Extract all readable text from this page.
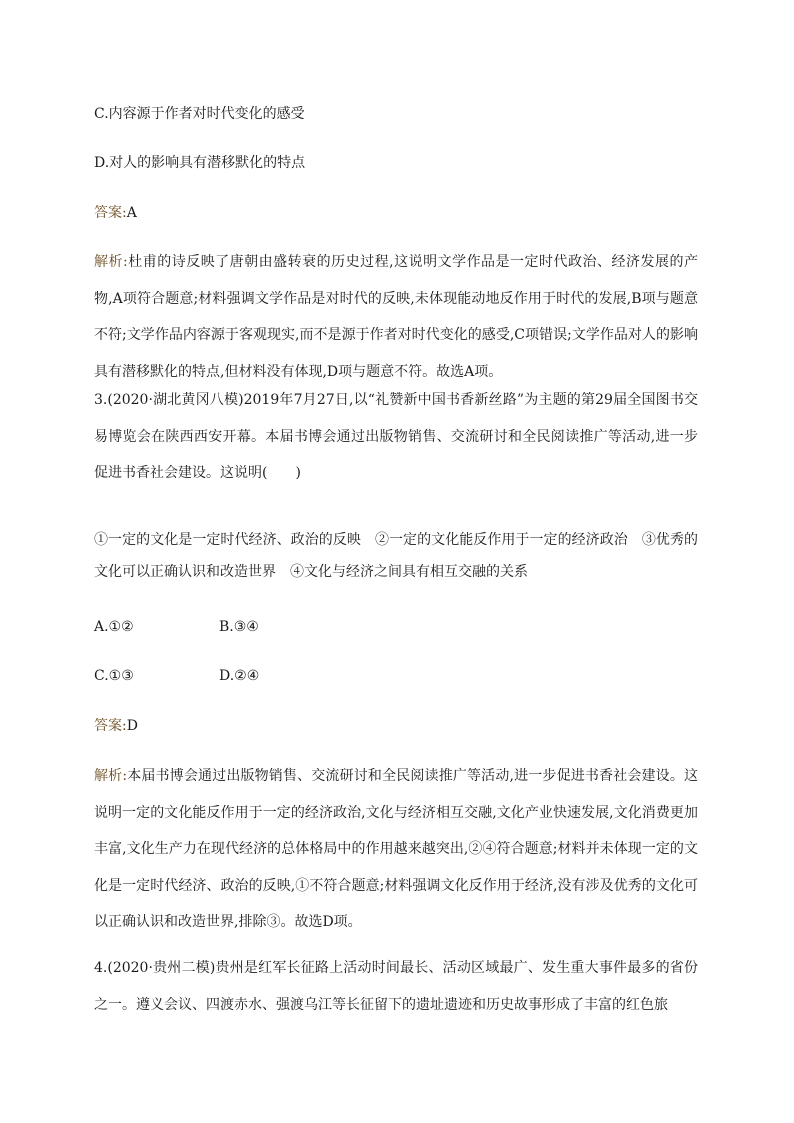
C.内容源于作者对时代变化的感受
D.对人的影响具有潜移默化的特点
答案:A
解析:杜甫的诗反映了唐朝由盛转衰的历史过程,这说明文学作品是一定时代政治、经济发展的产物,A项符合题意;材料强调文学作品是对时代的反映,未体现能动地反作用于时代的发展,B项与题意不符;文学作品内容源于客观现实,而不是源于作者对时代变化的感受,C项错误;文学作品对人的影响具有潜移默化的特点,但材料没有体现,D项与题意不符。故选A项。
3.(2020·湖北黄冈八模)2019年7月27日,以“礼赞新中国书香新丝路”为主题的第29届全国图书交易博览会在陕西西安开幕。本届书博会通过出版物销售、交流研讨和全民阅读推广等活动,进一步促进书香社会建设。这说明(　　)
①一定的文化是一定时代经济、政治的反映　②一定的文化能反作用于一定的经济政治　③优秀的文化可以正确认识和改造世界　④文化与经济之间具有相互交融的关系
A.①②	B.③④
C.①③	D.②④
答案:D
解析:本届书博会通过出版物销售、交流研讨和全民阅读推广等活动,进一步促进书香社会建设。这说明一定的文化能反作用于一定的经济政治,文化与经济相互交融,文化产业快速发展,文化消费更加丰富,文化生产力在现代经济的总体格局中的作用越来越突出,②④符合题意;材料并未体现一定的文化是一定时代经济、政治的反映,①不符合题意;材料强调文化反作用于经济,没有涉及优秀的文化可以正确认识和改造世界,排除③。故选D项。
4.(2020·贵州二模)贵州是红军长征路上活动时间最长、活动区域最广、发生重大事件最多的省份之一。遵义会议、四渡赤水、强渡乌江等长征留下的遗址遗迹和历史故事形成了丰富的红色旅
